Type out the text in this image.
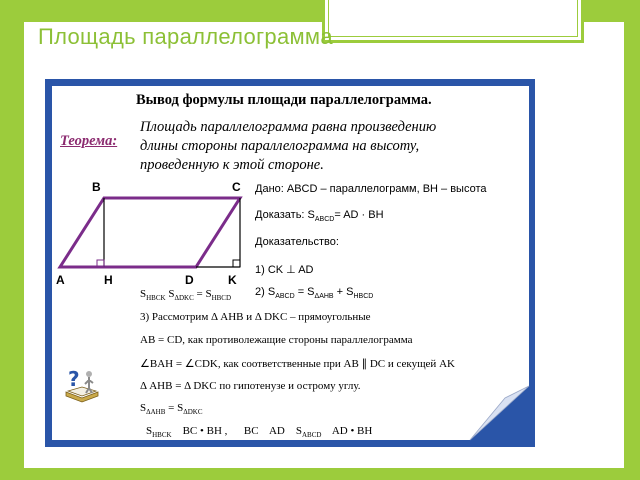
Площадь параллелограмма
Вывод формулы площади параллелограмма.
Теорема:
Площадь параллелограмма равна произведению
длины стороны параллелограмма на высоту,
проведенную к этой стороне.
B	C
A	H	D	K
Дано: ABCD – параллелограмм, BH – высота
Доказать: $S_{ABCD}=$ AD · BH
Доказательство:
1) CK ⊥ AD
2) $S_{ABCD} = S_{\Delta AHB} + S_{HBCD}$
$S_{HBCK}$ $S_{\Delta DKC} = S_{HBCD}$
3) Рассмотрим Δ AHB и Δ DKC – прямоугольные
AB = CD, как противолежащие стороны параллелограмма
∠BAH = ∠CDK, как соответственные при AB ∥ DC и секущей AK
Δ AHB = Δ DKC по гипотенузе и острому углу.
$S_{\Delta AHB} = S_{\Delta DKC}$
$S_{HBCK}$    BC • BH ,      BC    AD    $S_{ABCD}$    AD • BH
?
